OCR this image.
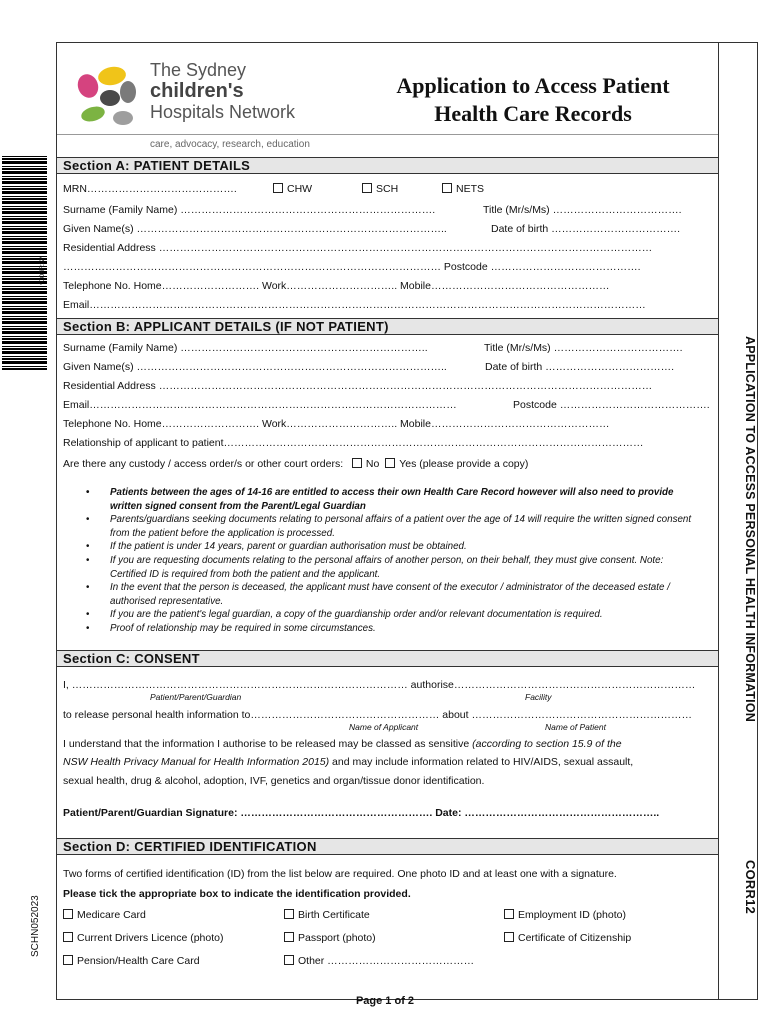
APPLICATION TO ACCESS PERSONAL HEALTH INFORMATION
CORR12
*CORR12*
SCHN052023
The Sydney
children's
Hospitals Network
care, advocacy, research, education
Application to Access Patient
Health Care Records
Section A: PATIENT DETAILS
MRN…………………………………….	CHW	SCH	NETS
Surname (Family Name) ……………………………………………………………….	Title (Mr/s/Ms) ……………………………….
Given Name(s) ……………………………………………………………………………..	Date of birth ……………………………….
Residential Address ……………………………………………………………………………………………………………………………
……………………………………………………………………………………………… Postcode …………………………………….
Telephone No. Home………………………. Work………………………….. Mobile……………………………………………
Email……………………………………………………………………………………………………………………………………………
Section B: APPLICANT DETAILS (IF NOT PATIENT)
Surname (Family Name) ……………………………………………………………..	Title (Mr/s/Ms) ……………………………….
Given Name(s) ……………………………………………………………………………..	Date of birth ……………………………….
Residential Address ……………………………………………………………………………………………………………………………
Email……………………………………………………………………………………………	Postcode …………………………………….
Telephone No. Home………………………. Work………………………….. Mobile……………………………………………
Relationship of applicant to patient…………………………………………………………………………………………………………
Are there any custody / access order/s or other court orders: No Yes (please provide a copy)
• Patients between the ages of 14-16 are entitled to access their own Health Care Record however will also need to provide written signed consent from the Parent/Legal Guardian
• Parents/guardians seeking documents relating to personal affairs of a patient over the age of 14 will require the written signed consent from the patient before the application is processed.
• If the patient is under 14 years, parent or guardian authorisation must be obtained.
• If you are requesting documents relating to the personal affairs of another person, on their behalf, they must give consent. Note: Certified ID is required from both the patient and the applicant.
• In the event that the person is deceased, the applicant must have consent of the executor / administrator of the deceased estate / authorised representative.
• If you are the patient's legal guardian, a copy of the guardianship order and/or relevant documentation is required.
• Proof of relationship may be required in some circumstances.
Section C: CONSENT
I, …………………………………………………………………………………… authorise……………………………………………………………
Patient/Parent/Guardian	Facility
to release personal health information to……………………………………………… about ………………………………………………………
Name of Applicant	Name of Patient
I understand that the information I authorise to be released may be classed as sensitive (according to section 15.9 of the
NSW Health Privacy Manual for Health Information 2015) and may include information related to HIV/AIDS, sexual assault,
sexual health, drug & alcohol, adoption, IVF, genetics and organ/tissue donor identification.
Patient/Parent/Guardian Signature: ………………………………………………. Date: ………………………………………………..
Section D: CERTIFIED IDENTIFICATION
Two forms of certified identification (ID) from the list below are required. One photo ID and at least one with a signature.
Please tick the appropriate box to indicate the identification provided.
Medicare Card	Birth Certificate	Employment ID (photo)
Current Drivers Licence (photo)	Passport (photo)	Certificate of Citizenship
Pension/Health Care Card	Other ……………………………………
Page 1 of 2
